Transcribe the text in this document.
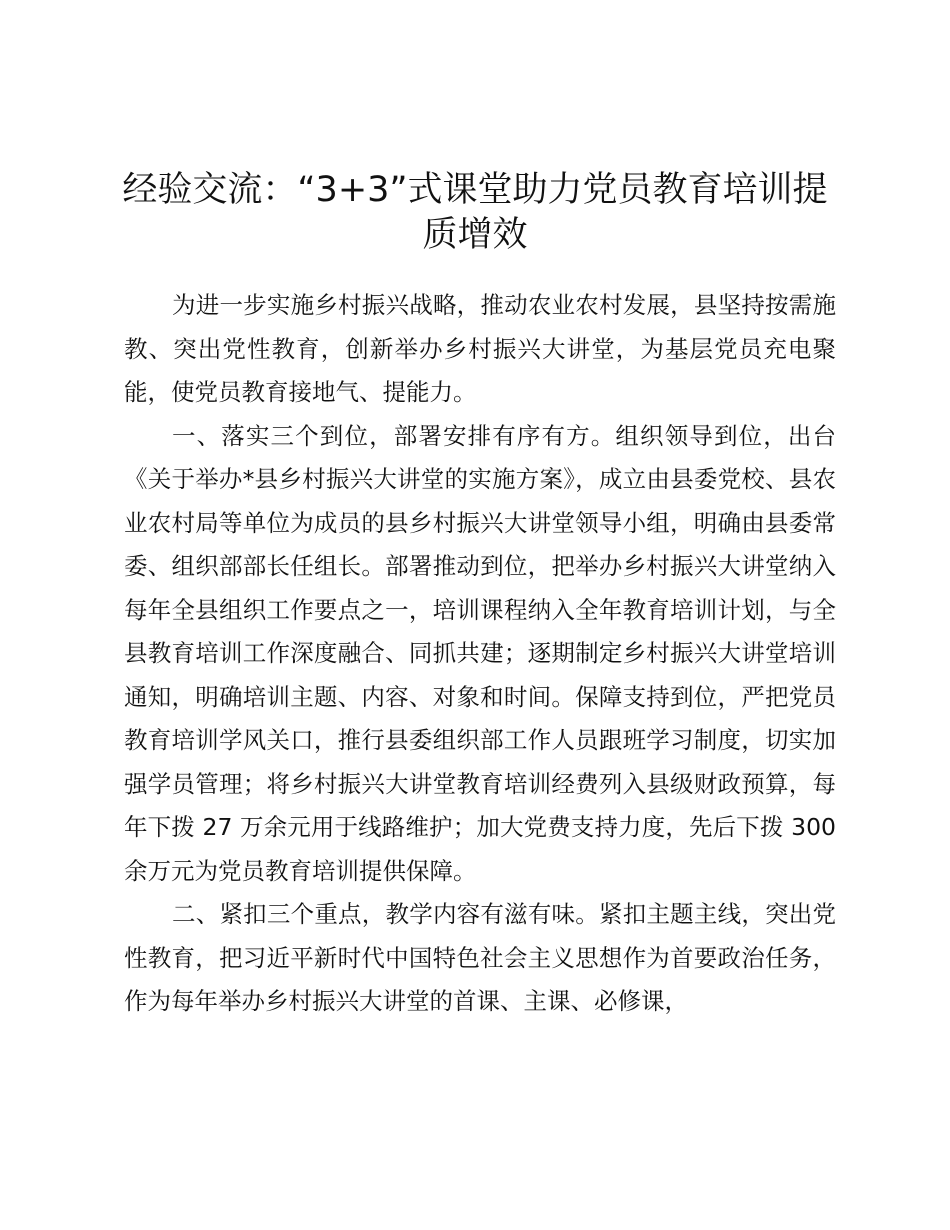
经验交流：“3+3”式课堂助力党员教育培训提质增效

为进一步实施乡村振兴战略，推动农业农村发展，县坚持按需施教、突出党性教育，创新举办乡村振兴大讲堂，为基层党员充电聚能，使党员教育接地气、提能力。

一、落实三个到位，部署安排有序有方。组织领导到位，出台《关于举办*县乡村振兴大讲堂的实施方案》，成立由县委党校、县农业农村局等单位为成员的县乡村振兴大讲堂领导小组，明确由县委常委、组织部部长任组长。部署推动到位，把举办乡村振兴大讲堂纳入每年全县组织工作要点之一，培训课程纳入全年教育培训计划，与全县教育培训工作深度融合、同抓共建；逐期制定乡村振兴大讲堂培训通知，明确培训主题、内容、对象和时间。保障支持到位，严把党员教育培训学风关口，推行县委组织部工作人员跟班学习制度，切实加强学员管理；将乡村振兴大讲堂教育培训经费列入县级财政预算，每年下拨 27 万余元用于线路维护；加大党费支持力度，先后下拨 300 余万元为党员教育培训提供保障。

二、紧扣三个重点，教学内容有滋有味。紧扣主题主线，突出党性教育，把习近平新时代中国特色社会主义思想作为首要政治任务，作为每年举办乡村振兴大讲堂的首课、主课、必修课，
